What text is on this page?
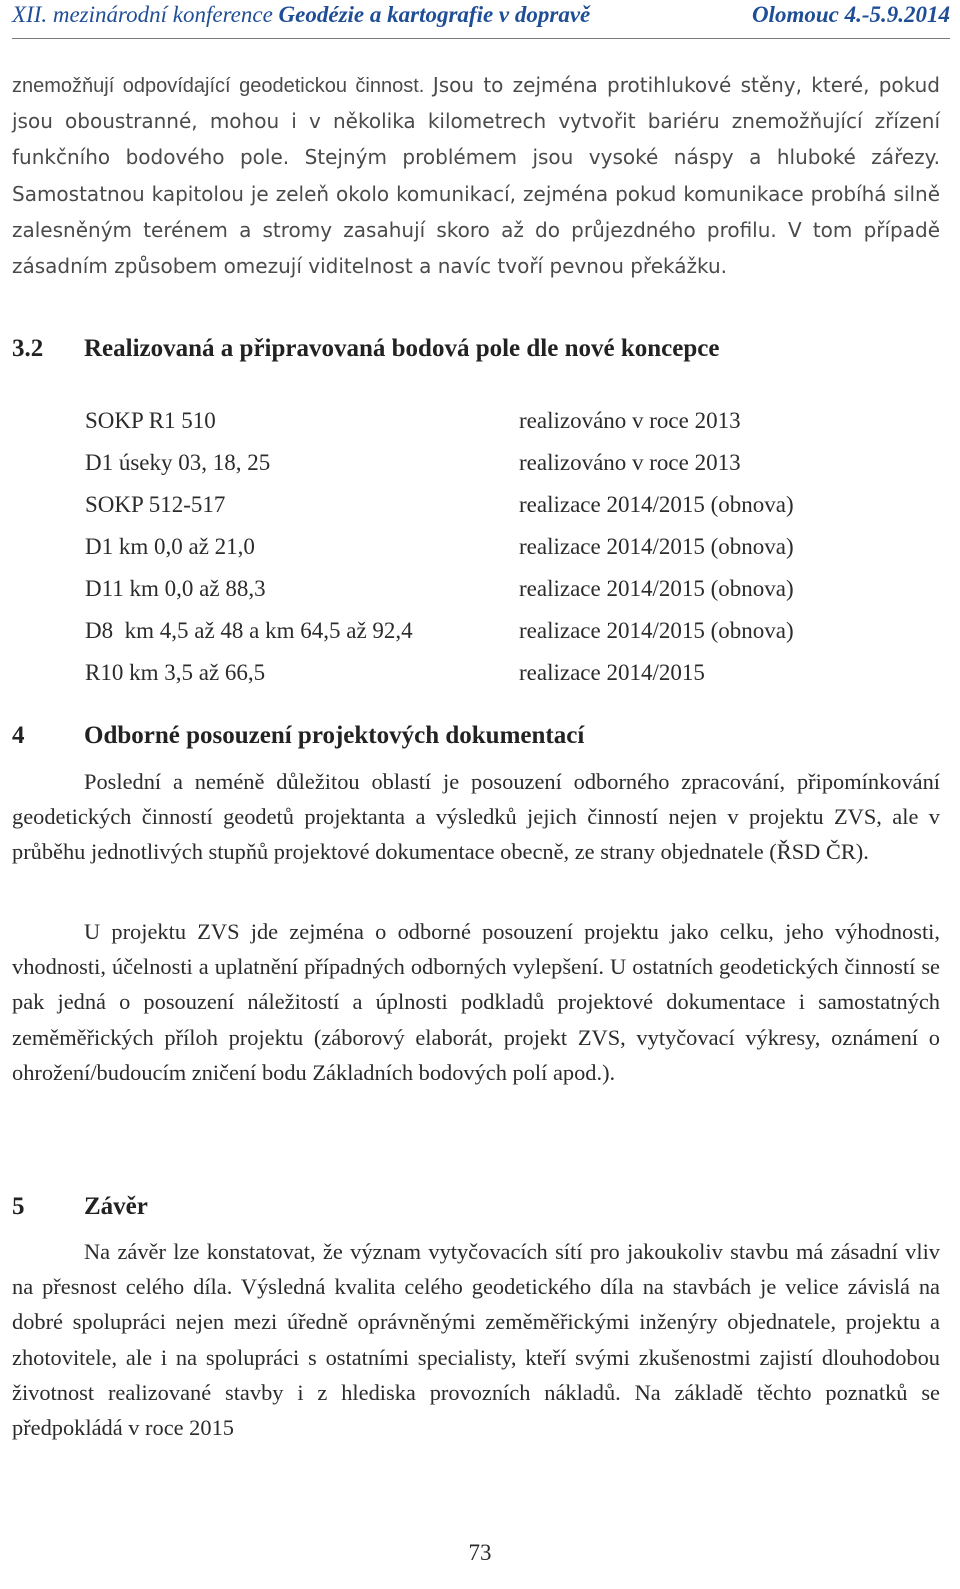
XII. mezinárodní konference Geodézie a kartografie v dopravě	Olomouc 4.-5.9.2014

znemožňují odpovídající geodetickou činnost. Jsou to zejména protihlukové stěny, které, pokud jsou oboustranné, mohou i v několika kilometrech vytvořit bariéru znemožňující zřízení funkčního bodového pole. Stejným problémem jsou vysoké náspy a hluboké zářezy. Samostatnou kapitolou je zeleň okolo komunikací, zejména pokud komunikace probíhá silně zalesněným terénem a stromy zasahují skoro až do průjezdného profilu. V tom případě zásadním způsobem omezují viditelnost a navíc tvoří pevnou překážku.

3.2 Realizovaná a připravovaná bodová pole dle nové koncepce
SOKP R1 510	realizováno v roce 2013
D1 úseky 03, 18, 25	realizováno v roce 2013
SOKP 512-517	realizace 2014/2015 (obnova)
D1 km 0,0 až 21,0	realizace 2014/2015 (obnova)
D11 km 0,0 až 88,3	realizace 2014/2015 (obnova)
D8  km 4,5 až 48 a km 64,5 až 92,4	realizace 2014/2015 (obnova)
R10 km 3,5 až 66,5	realizace 2014/2015
4 Odborné posouzení projektových dokumentací

Poslední a neméně důležitou oblastí je posouzení odborného zpracování, připomínkování geodetických činností geodetů projektanta a výsledků jejich činností nejen v projektu ZVS, ale v průběhu jednotlivých stupňů projektové dokumentace obecně, ze strany objednatele (ŘSD ČR).

U projektu ZVS jde zejména o odborné posouzení projektu jako celku, jeho výhodnosti, vhodnosti, účelnosti a uplatnění případných odborných vylepšení. U ostatních geodetických činností se pak jedná o posouzení náležitostí a úplnosti podkladů projektové dokumentace i samostatných zeměměřických příloh projektu (záborový elaborát, projekt ZVS, vytyčovací výkresy, oznámení o ohrožení/budoucím zničení bodu Základních bodových polí apod.).

5 Závěr

Na závěr lze konstatovat, že význam vytyčovacích sítí pro jakoukoliv stavbu má zásadní vliv na přesnost celého díla. Výsledná kvalita celého geodetického díla na stavbách je velice závislá na dobré spolupráci nejen mezi úředně oprávněnými zeměměřickými inženýry objednatele, projektu a zhotovitele, ale i na spolupráci s ostatními specialisty, kteří svými zkušenostmi zajistí dlouhodobou životnost realizované stavby i z hlediska provozních nákladů. Na základě těchto poznatků se předpokládá v roce 2015

73
